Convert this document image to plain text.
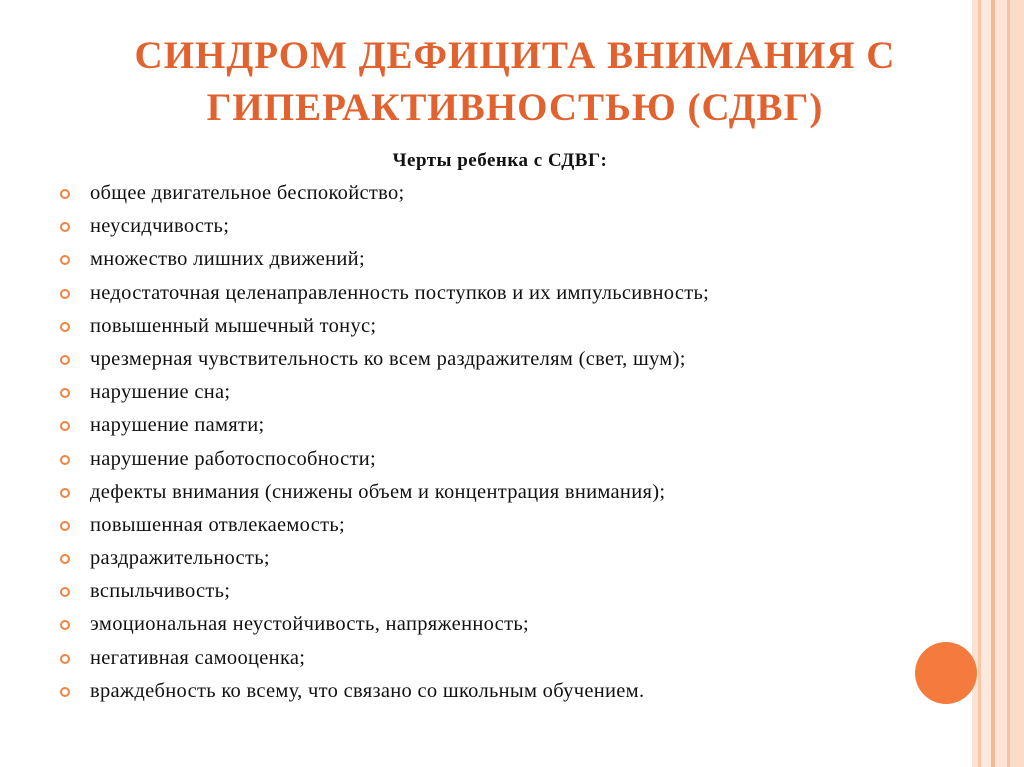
СИНДРОМ ДЕФИЦИТА ВНИМАНИЯ С ГИПЕРАКТИВНОСТЬЮ (СДВГ)

Черты ребенка с СДВГ:

общее двигательное беспокойство;
неусидчивость;
множество лишних движений;
недостаточная целенаправленность поступков и их импульсивность;
повышенный мышечный тонус;
чрезмерная чувствительность ко всем раздражителям (свет, шум);
нарушение сна;
нарушение памяти;
нарушение работоспособности;
дефекты внимания (снижены объем и концентрация внимания);
повышенная отвлекаемость;
раздражительность;
вспыльчивость;
эмоциональная неустойчивость, напряженность;
негативная самооценка;
враждебность ко всему, что связано со школьным обучением.
